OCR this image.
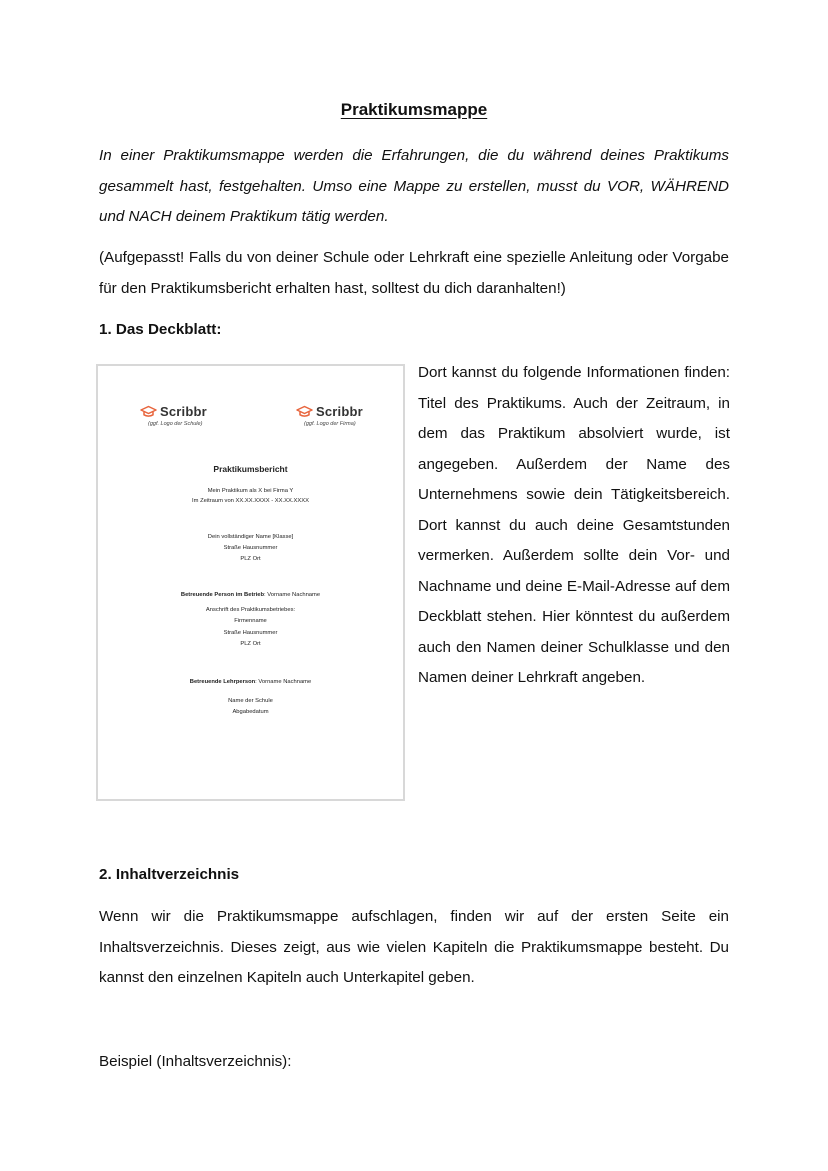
Praktikumsmappe
In einer Praktikumsmappe werden die Erfahrungen, die du während deines Praktikums gesammelt hast, festgehalten. Umso eine Mappe zu erstellen, musst du VOR, WÄHREND und NACH deinem Praktikum tätig werden.
(Aufgepasst! Falls du von deiner Schule oder Lehrkraft eine spezielle Anleitung oder Vorgabe für den Praktikumsbericht erhalten hast, solltest du dich daranhalten!)
1. Das Deckblatt:
Scribbr
(ggf. Logo der Schule)
Scribbr
(ggf. Logo der Firma)
Praktikumsbericht
Mein Praktikum als X bei Firma Y
Im Zeitraum von XX.XX.XXXX - XX.XX.XXXX
Dein vollständiger Name [Klasse]
Straße Hausnummer
PLZ Ort
Betreuende Person im Betrieb: Vorname Nachname
Anschrift des Praktikumsbetriebes:
Firmenname
Straße Hausnummer
PLZ Ort
Betreuende Lehrperson: Vorname Nachname
Name der Schule
Abgabedatum
Dort kannst du folgende Informationen finden: Titel des Praktikums. Auch der Zeitraum, in dem das Praktikum absolviert wurde, ist angegeben. Außerdem der Name des Unternehmens sowie dein Tätigkeitsbereich. Dort kannst du auch deine Gesamtstunden vermerken. Außerdem sollte dein Vor- und Nachname und deine E-Mail-Adresse auf dem Deckblatt stehen. Hier könntest du außerdem auch den Namen deiner Schulklasse und den Namen deiner Lehrkraft angeben.
2. Inhaltverzeichnis
Wenn wir die Praktikumsmappe aufschlagen, finden wir auf der ersten Seite ein Inhaltsverzeichnis. Dieses zeigt, aus wie vielen Kapiteln die Praktikumsmappe besteht. Du kannst den einzelnen Kapiteln auch Unterkapitel geben.
Beispiel (Inhaltsverzeichnis):
